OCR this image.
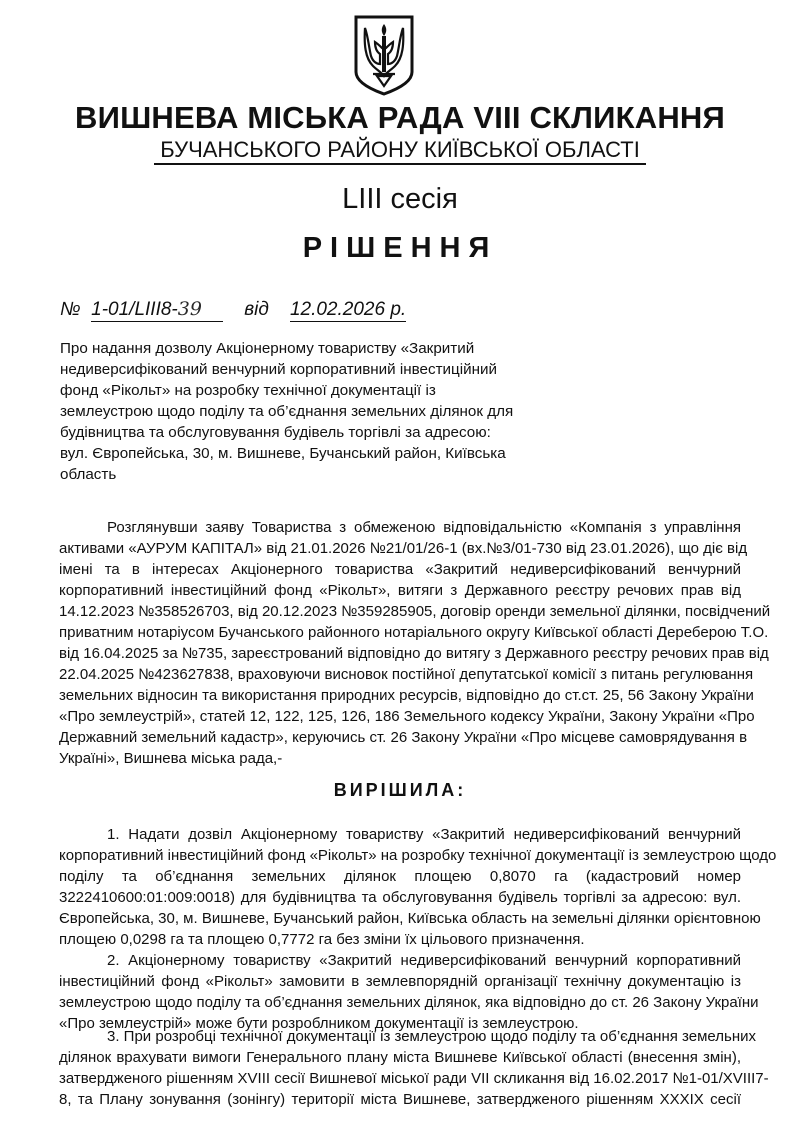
ВИШНЕВА МІСЬКА РАДА VIII СКЛИКАННЯ
БУЧАНСЬКОГО РАЙОНУ КИЇВСЬКОЇ ОБЛАСТІ
LIII сесія
РІШЕННЯ
№ 1-01/LIII8-39 від 12.02.2026 р.
Про надання дозволу Акціонерному товариству «Закритий
недиверсифікований венчурний корпоративний інвестиційний
фонд «Рікольт» на розробку технічної документації із
землеустрою щодо поділу та об’єднання земельних ділянок для
будівництва та обслуговування будівель торгівлі за адресою:
вул. Європейська, 30, м. Вишневе, Бучанський район, Київська
область
Розглянувши заяву Товариства з обмеженою відповідальністю «Компанія з управління
активами «АУРУМ КАПІТАЛ» від 21.01.2026 №21/01/26-1 (вх.№3/01-730 від 23.01.2026), що діє від
імені та в інтересах Акціонерного товариства «Закритий недиверсифікований венчурний
корпоративний інвестиційний фонд «Рікольт», витяги з Державного реєстру речових прав від
14.12.2023 №358526703, від 20.12.2023 №359285905, договір оренди земельної ділянки, посвідчений
приватним нотаріусом Бучанського районного нотаріального округу Київської області Дереберою Т.О.
від 16.04.2025 за №735, зареєстрований відповідно до витягу з Державного реєстру речових прав від
22.04.2025 №423627838, враховуючи висновок постійної депутатської комісії з питань регулювання
земельних відносин та використання природних ресурсів, відповідно до ст.ст. 25, 56 Закону України
«Про землеустрій», статей 12, 122, 125, 126, 186 Земельного кодексу України, Закону України «Про
Державний земельний кадастр», керуючись ст. 26 Закону України «Про місцеве самоврядування в
Україні», Вишнева міська рада,-
ВИРІШИЛА:
1. Надати дозвіл Акціонерному товариству «Закритий недиверсифікований венчурний
корпоративний інвестиційний фонд «Рікольт» на розробку технічної документації із землеустрою щодо
поділу та об’єднання земельних ділянок площею 0,8070 га (кадастровий номер
3222410600:01:009:0018) для будівництва та обслуговування будівель торгівлі за адресою: вул.
Європейська, 30, м. Вишневе, Бучанський район, Київська область на земельні ділянки орієнтовною
площею 0,0298 га та площею 0,7772 га без зміни їх цільового призначення.
2. Акціонерному товариству «Закритий недиверсифікований венчурний корпоративний
інвестиційний фонд «Рікольт» замовити в землевпорядній організації технічну документацію із
землеустрою щодо поділу та об’єднання земельних ділянок, яка відповідно до ст. 26 Закону України
«Про землеустрій» може бути розроблником документації із землеустрою.
3. При розробці технічної документації із землеустрою щодо поділу та об’єднання земельних
ділянок врахувати вимоги Генерального плану міста Вишневе Київської області (внесення змін),
затвердженого рішенням XVIII сесії Вишневої міської ради VII скликання від 16.02.2017 №1-01/XVIII7-
8, та Плану зонування (зонінгу) території міста Вишневе, затвердженого рішенням XXXIX сесії
